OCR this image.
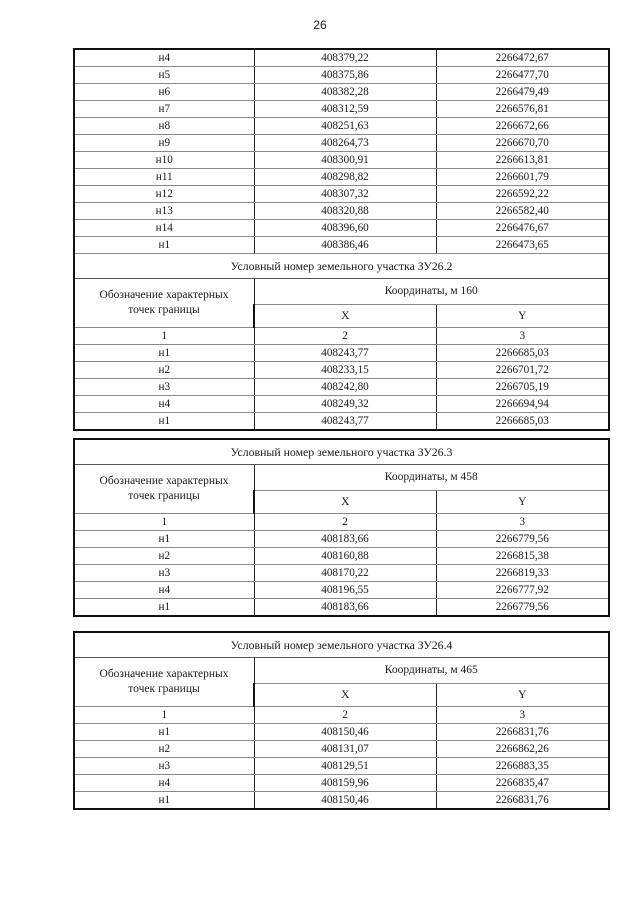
26
н4	408379,22	2266472,67
н5	408375,86	2266477,70
н6	408382,28	2266479,49
н7	408312,59	2266576,81
н8	408251,63	2266672,66
н9	408264,73	2266670,70
н10	408300,91	2266613,81
н11	408298,82	2266601,79
н12	408307,32	2266592,22
н13	408320,88	2266582,40
н14	408396,60	2266476,67
н1	408386,46	2266473,65
Условный номер земельного участка ЗУ26.2		
Обозначение характерных
точек границы	Координаты, м 160	
	X	Y
1	2	3
н1	408243,77	2266685,03
н2	408233,15	2266701,72
н3	408242,80	2266705,19
н4	408249,32	2266694,94
н1	408243,77	2266685,03
Условный номер земельного участка ЗУ26.3		
Обозначение характерных
точек границы	Координаты, м 458	
	X	Y
1	2	3
н1	408183,66	2266779,56
н2	408160,88	2266815,38
н3	408170,22	2266819,33
н4	408196,55	2266777,92
н1	408183,66	2266779,56
Условный номер земельного участка ЗУ26.4		
Обозначение характерных
точек границы	Координаты, м 465	
	X	Y
1	2	3
н1	408150,46	2266831,76
н2	408131,07	2266862,26
н3	408129,51	2266883,35
н4	408159,96	2266835,47
н1	408150,46	2266831,76
